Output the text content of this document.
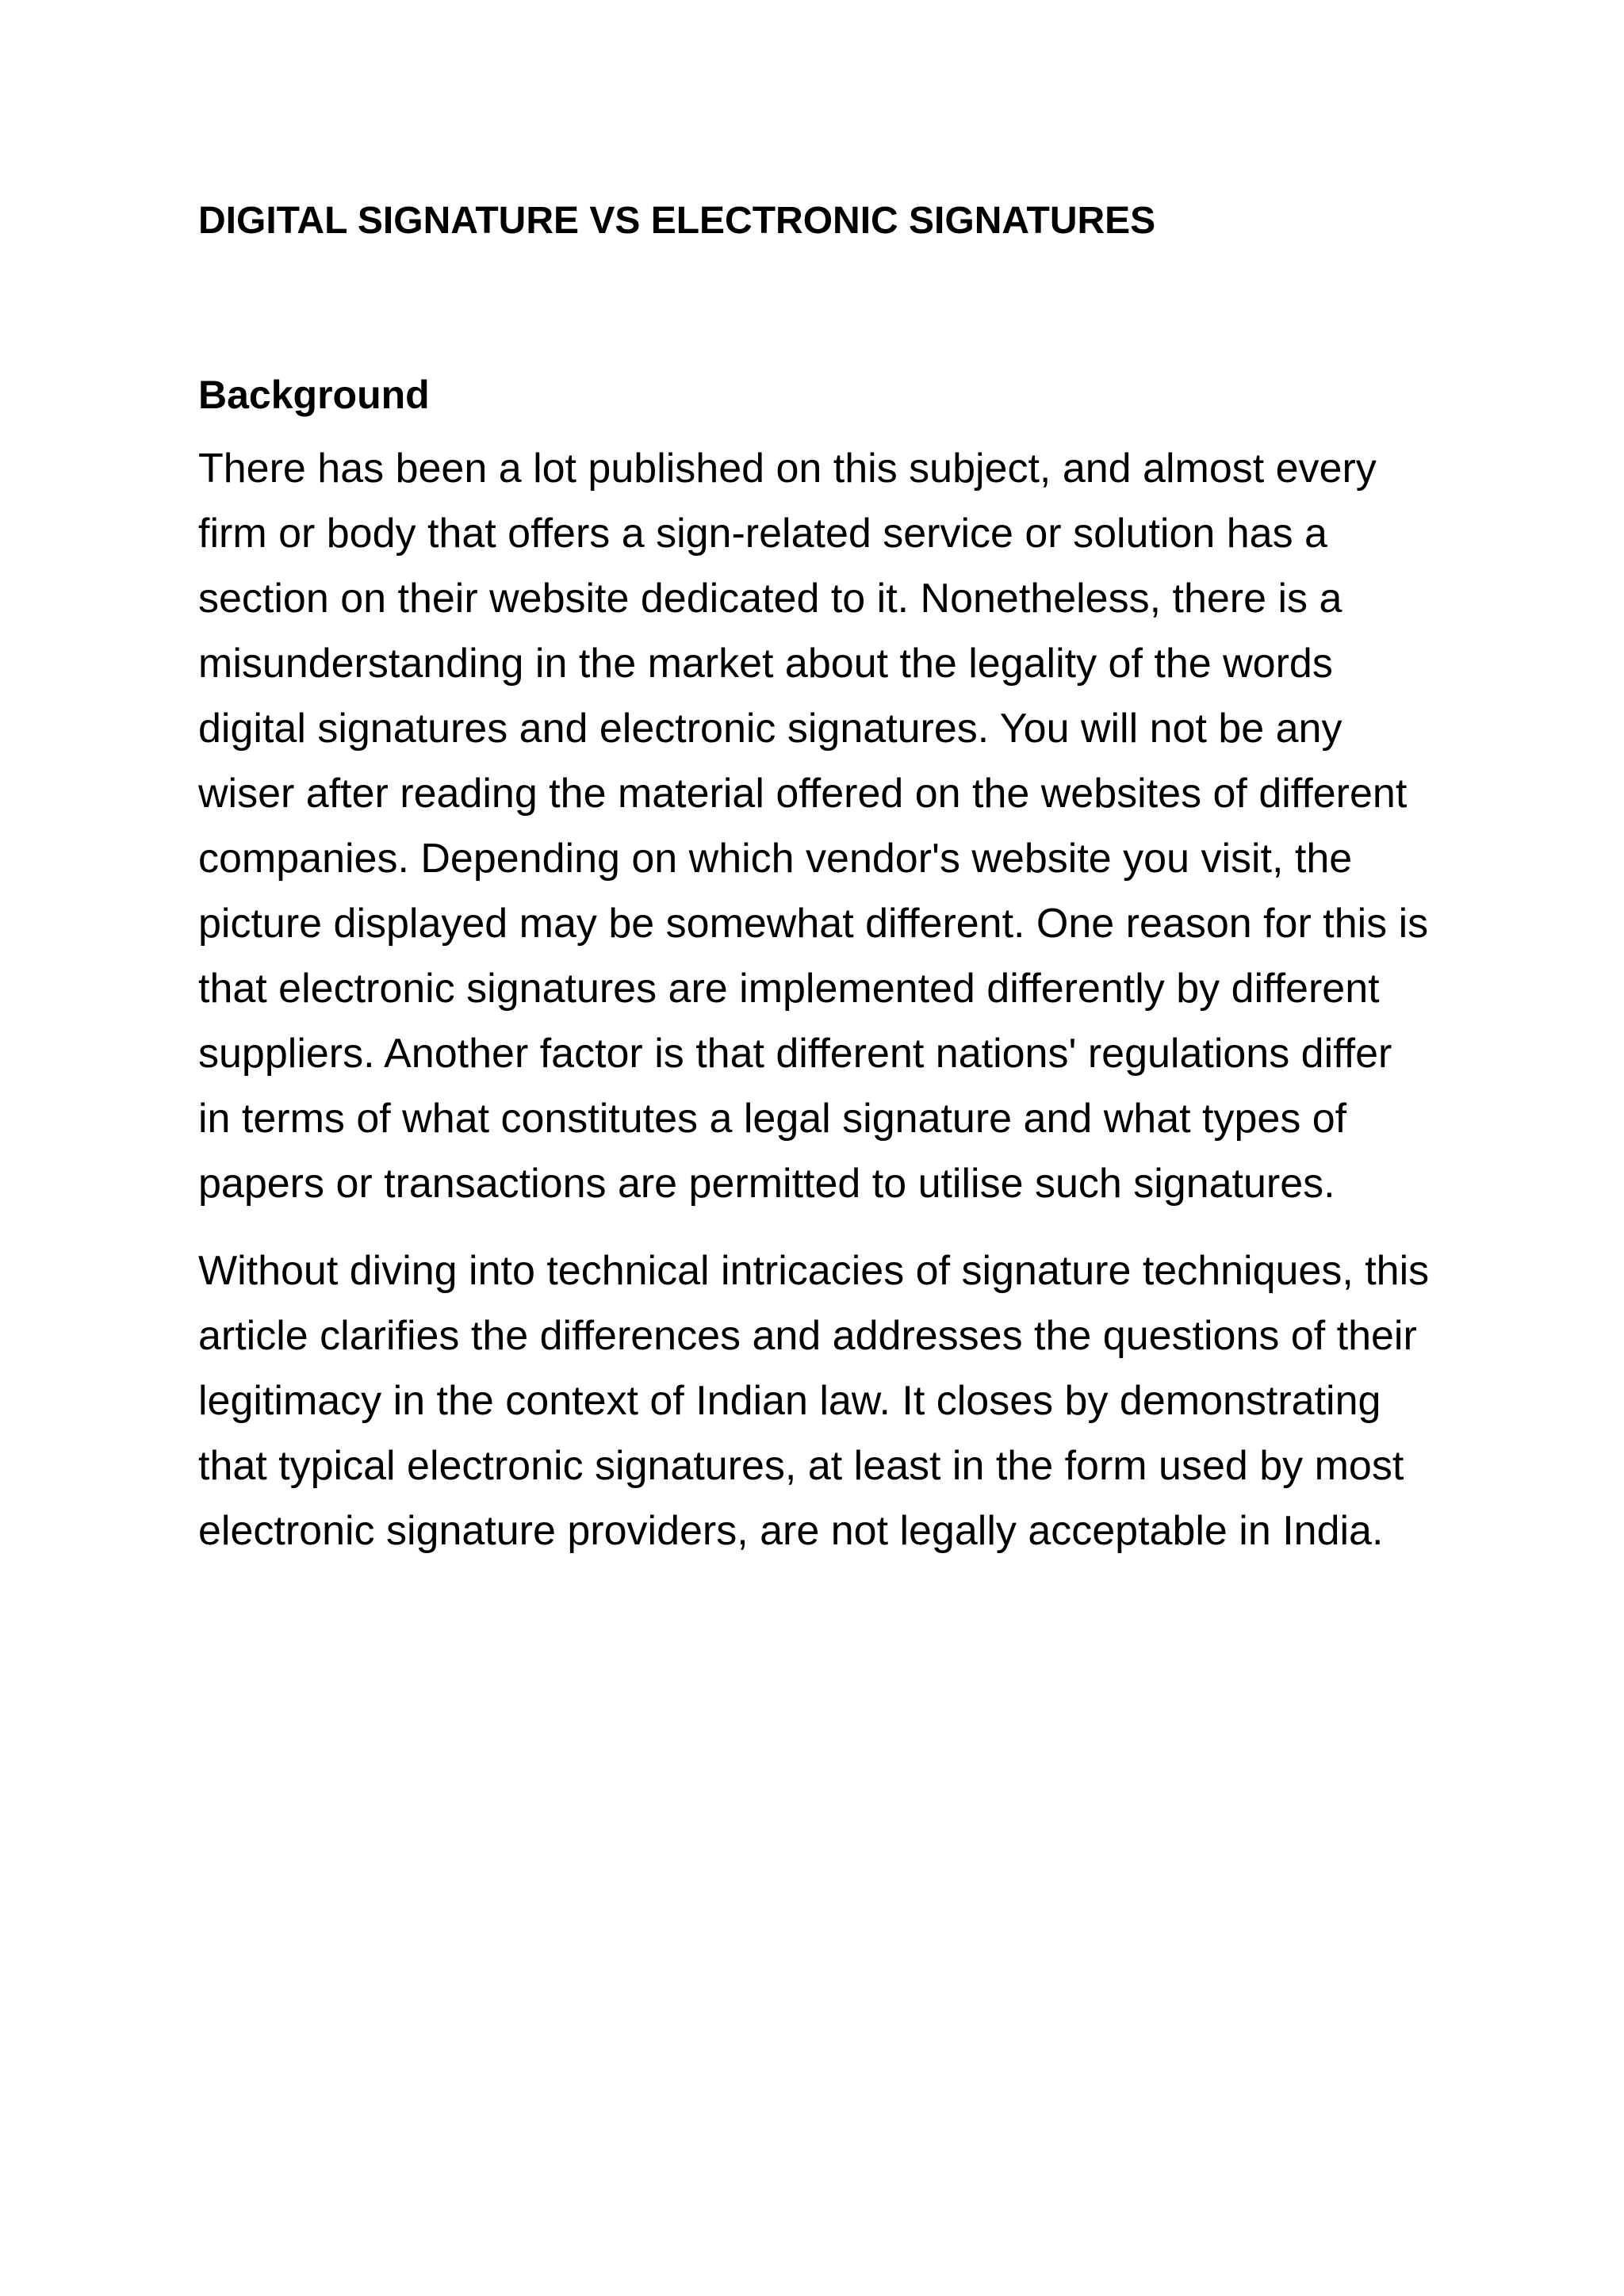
DIGITAL SIGNATURE VS ELECTRONIC SIGNATURES
Background

There has been a lot published on this subject, and almost every firm or body that offers a sign-related service or solution has a section on their website dedicated to it. Nonetheless, there is a misunderstanding in the market about the legality of the words digital signatures and electronic signatures. You will not be any wiser after reading the material offered on the websites of different companies. Depending on which vendor's website you visit, the picture displayed may be somewhat different. One reason for this is that electronic signatures are implemented differently by different suppliers. Another factor is that different nations' regulations differ in terms of what constitutes a legal signature and what types of papers or transactions are permitted to utilise such signatures.

Without diving into technical intricacies of signature techniques, this article clarifies the differences and addresses the questions of their legitimacy in the context of Indian law. It closes by demonstrating that typical electronic signatures, at least in the form used by most electronic signature providers, are not legally acceptable in India.
